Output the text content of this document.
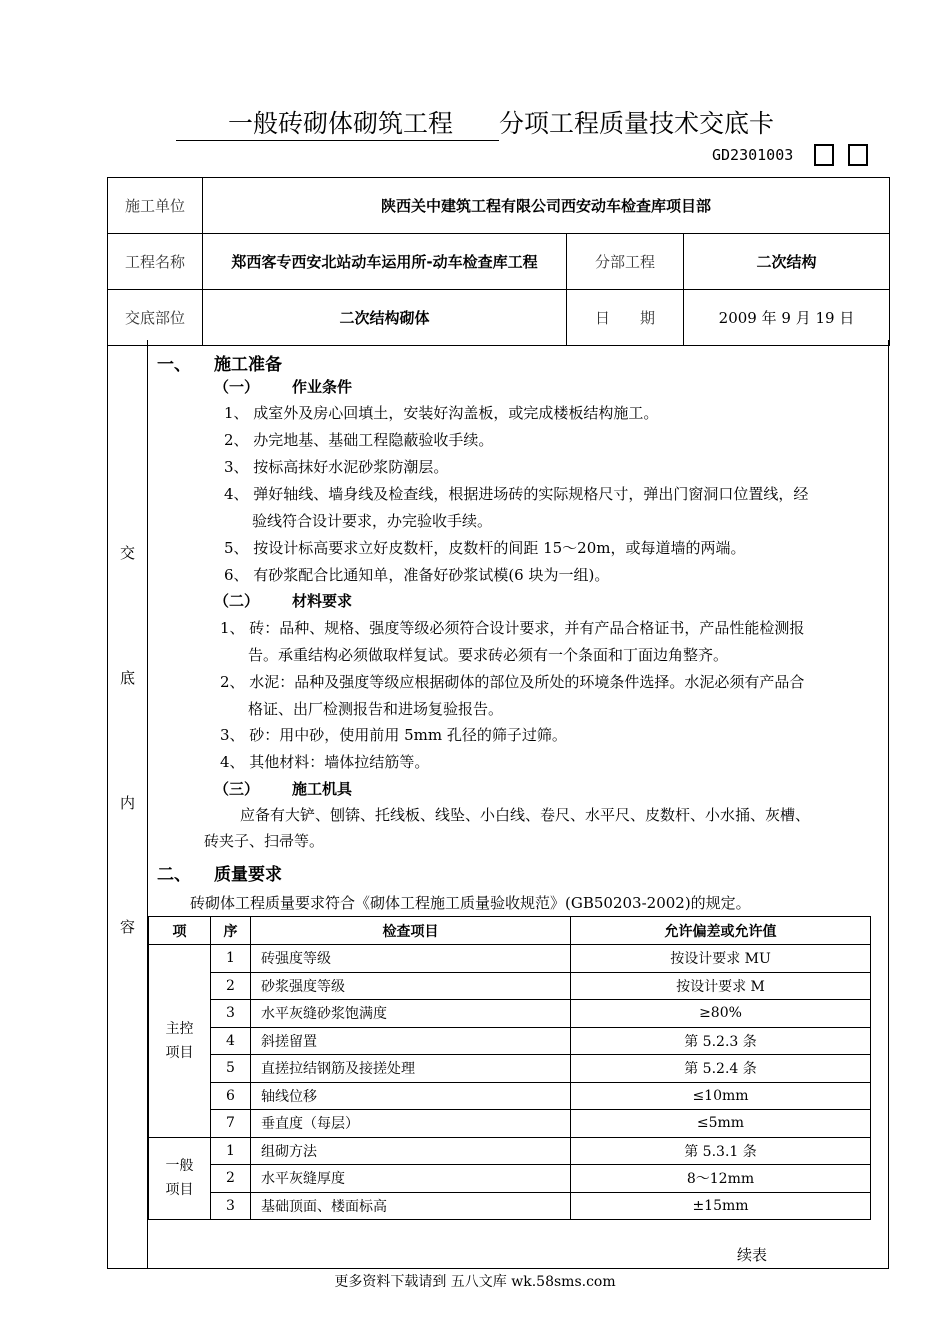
一般砖砌体砌筑工程 分项工程质量技术交底卡
GD2301003
施工单位	陕西关中建筑工程有限公司西安动车检查库项目部		
工程名称	郑西客专西安北站动车运用所-动车检查库工程	分部工程	二次结构
交底部位	二次结构砌体	日　　期	2009 年 9 月 19 日
交
底
内
容
一、 施工准备
（一） 作业条件
1、 成室外及房心回填土，安装好沟盖板，或完成楼板结构施工。
2、 办完地基、基础工程隐蔽验收手续。
3、 按标高抹好水泥砂浆防潮层。
4、 弹好轴线、墙身线及检查线，根据进场砖的实际规格尺寸，弹出门窗洞口位置线，经
验线符合设计要求，办完验收手续。
5、 按设计标高要求立好皮数杆，皮数杆的间距 15～20m，或每道墙的两端。
6、 有砂浆配合比通知单，准备好砂浆试模(6 块为一组)。
（二） 材料要求
1、 砖：品种、规格、强度等级必须符合设计要求，并有产品合格证书，产品性能检测报
告。承重结构必须做取样复试。要求砖必须有一个条面和丁面边角整齐。
2、 水泥：品种及强度等级应根据砌体的部位及所处的环境条件选择。水泥必须有产品合
格证、出厂检测报告和进场复验报告。
3、 砂：用中砂，使用前用 5mm 孔径的筛子过筛。
4、 其他材料：墙体拉结筋等。
（三） 施工机具
应备有大铲、刨锛、托线板、线坠、小白线、卷尺、水平尺、皮数杆、小水捅、灰槽、
砖夹子、扫帚等。
二、 质量要求
砖砌体工程质量要求符合《砌体工程施工质量验收规范》(GB50203-2002)的规定。
项	序	检查项目	允许偏差或允许值
主控项目	1	砖强度等级	按设计要求 MU
	2	砂浆强度等级	按设计要求 M
	3	水平灰缝砂浆饱满度	≥80%
	4	斜搓留置	第 5.2.3 条
	5	直搓拉结钢筋及接搓处理	第 5.2.4 条
	6	轴线位移	≤10mm
	7	垂直度（每层）	≤5mm
一般项目	1	组砌方法	第 5.3.1 条
	2	水平灰缝厚度	8～12mm
	3	基础顶面、楼面标高	±15mm
续表
更多资料下载请到 五八文库 wk.58sms.com
